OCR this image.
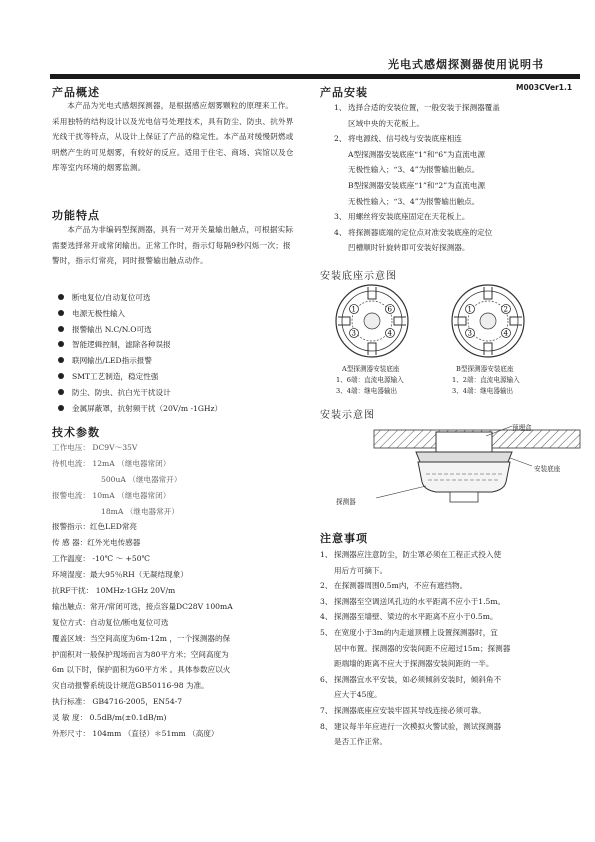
光电式感烟探测器使用说明书
M003CVer1.1
产品概述

本产品为光电式感烟探测器，是根据感应烟雾颗粒的原理来工作。采用独特的结构设计以及光电信号处理技术，具有防尘、防虫、抗外界光线干扰等特点，从设计上保证了产品的稳定性。本产品对缓慢阴燃或明燃产生的可见烟雾，有较好的反应。适用于住宅、商场、宾馆以及仓库等室内环境的烟雾监测。

功能特点

本产品为非编码型探测器，具有一对开关量输出触点，可根据实际需要选择常开或常闭输出。正常工作时，指示灯每隔9秒闪烁一次；报警时，指示灯常亮，同时报警输出触点动作。

断电复位/自动复位可选
电源无极性输入
报警输出 N.C/N.O可选
智能逻辑控制，滤除各种误报
联网输出/LED指示报警
SMT工艺制造，稳定性强
防尘、防虫、抗白光干扰设计
金属屏蔽罩，抗射频干扰（20V/m -1GHz）
技术参数
工作电压： DC9V～35V
待机电流： 12mA （继电器常闭）
500uA （继电器常开）
报警电流： 10mA （继电器常闭）
18mA （继电器常开）
报警指示：红色LED常亮
传 感 器：红外光电传感器
工作温度： -10℃ ～ +50℃
环境湿度：最大95％RH（无凝结现象）
抗RF干扰： 10MHz-1GHz 20V/m
输出触点：常开/常闭可选，接点容量DC28V 100mA
复位方式：自动复位/断电复位可选
覆盖区域：当空间高度为6m-12m ，一个探测器的保
护面积对一般保护现场而言为80平方米；空间高度为
6m 以下时，保护面积为60平方米 。具体参数应以火
灾自动报警系统设计规范GB50116-98 为准。
执行标准： GB4716-2005，EN54-7
灵 敏 度： 0.5dB/m(±0.1dB/m)
外形尺寸： 104mm （直径）＊51mm （高度）
产品安装
1、 选择合适的安装位置，一般安装于探测器覆盖
区域中央的天花板上。
2、 将电源线、信号线与安装底座相连
A型探测器安装底座“1”和“6”为直流电源
无极性输入；“3、4”为报警输出触点。
B型探测器安装底座“1”和“2”为直流电源
无极性输入；“3、4”为报警输出触点。
3、 用螺丝将安装底座固定在天花板上。
4、 将探测器底端的定位点对准安装底座的定位
凹槽顺时针旋转即可安装好探测器。
安装底座示意图
1	6
3	4
1	2
3	4
A型探测器安装底座
1、6端：直流电源输入
3、4端：继电器输出
B型探测器安装底座
1、2端：直流电源输入
3、4端：继电器输出
安装示意图
预埋盒
安装底座
探测器
注意事项
1、 探测器应注意防尘，防尘罩必须在工程正式投入使
用后方可摘下。
2、 在探测器周围0.5m内，不应有遮挡物。
3、 探测器至空调送风孔边的水平距离不应小于1.5m。
4、 探测器至墙壁、梁边的水平距离不应小于0.5m。
5、 在宽度小于3m的内走道顶棚上设置探测器时，宜
居中布置。探测器的安装间距不应超过15m；探测器
距端墙的距离不应大于探测器安装间距的一半。
6、 探测器宜水平安装，如必须倾斜安装时，倾斜角不
应大于45度。
7、 探测器底座应安装牢固其导线连接必须可靠。
8、 建议每半年应进行一次模拟火警试验，测试探测器
是否工作正常。
